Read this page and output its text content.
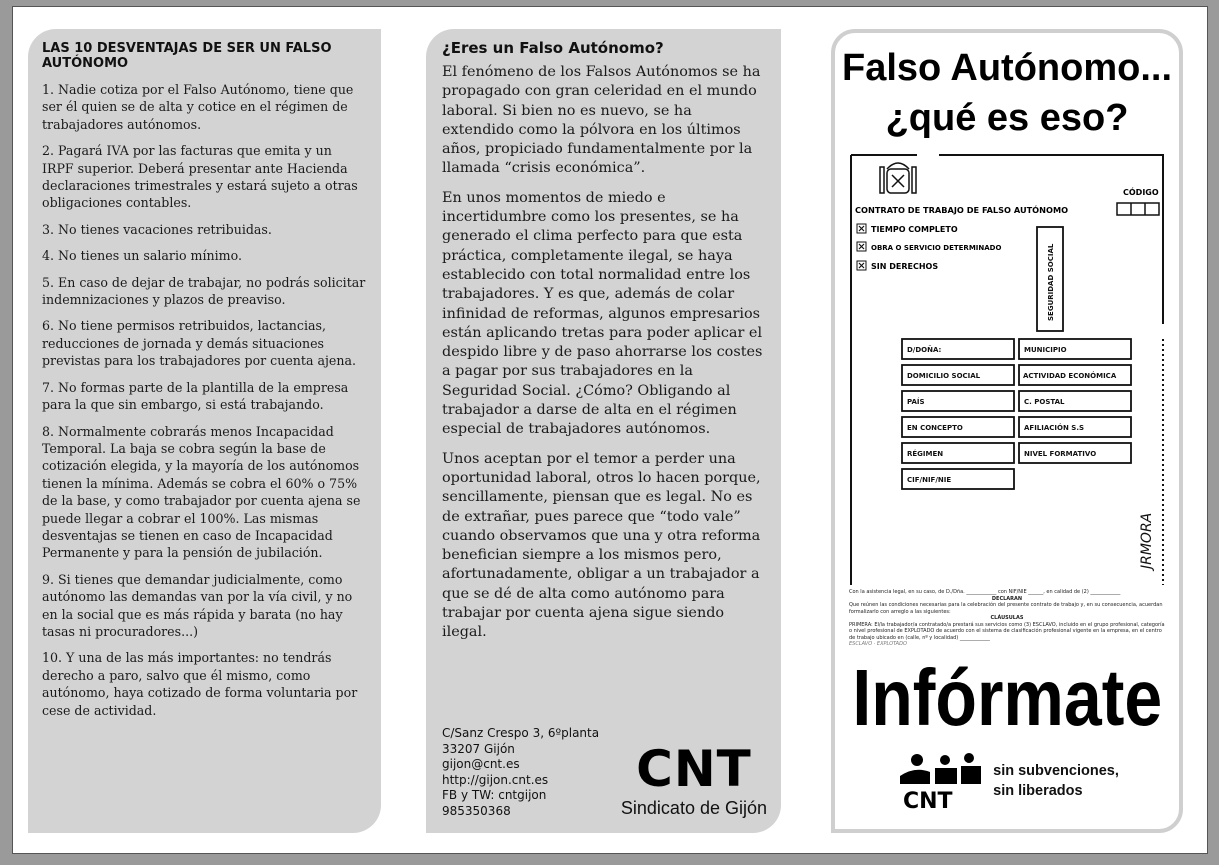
LAS 10 DESVENTAJAS DE SER UN FALSO AUTÓNOMO

1. Nadie cotiza por el Falso Autónomo, tiene que ser él quien se de alta y cotice en el régimen de trabajadores autónomos.

2. Pagará IVA por las facturas que emita y un IRPF superior. Deberá presentar ante Hacienda declaraciones trimestrales y estará sujeto a otras obligaciones contables.

3. No tienes vacaciones retribuidas.

4. No tienes un salario mínimo.

5. En caso de dejar de trabajar, no podrás solicitar indemnizaciones y plazos de preaviso.

6. No tiene permisos retribuidos, lactancias, reducciones de jornada y demás situaciones previstas para los trabajadores por cuenta ajena.

7. No formas parte de la plantilla de la empresa para la que sin embargo, si está trabajando.

8. Normalmente cobrarás menos Incapacidad Temporal. La baja se cobra según la base de cotización elegida, y la mayoría de los autónomos tienen la mínima. Además se cobra el 60% o 75% de la base, y como trabajador por cuenta ajena se puede llegar a cobrar el 100%. Las mismas desventajas se tienen en caso de Incapacidad Permanente y para la pensión de jubilación.

9. Si tienes que demandar judicialmente, como autónomo las demandas van por la vía civil, y no en la social que es más rápida y barata (no hay tasas ni procuradores...)

10. Y una de las más importantes: no tendrás derecho a paro, salvo que él mismo, como autónomo, haya cotizado de forma voluntaria por cese de actividad.

¿Eres un Falso Autónomo?

El fenómeno de los Falsos Autónomos se ha propagado con gran celeridad en el mundo laboral. Si bien no es nuevo, se ha extendido como la pólvora en los últimos años, propiciado fundamentalmente por la llamada “crisis económica”.

En unos momentos de miedo e incertidumbre como los presentes, se ha generado el clima perfecto para que esta práctica, completamente ilegal, se haya establecido con total normalidad entre los trabajadores. Y es que, además de colar infinidad de reformas, algunos empresarios están aplicando tretas para poder aplicar el despido libre y de paso ahorrarse los costes a pagar por sus trabajadores en la Seguridad Social. ¿Cómo? Obligando al trabajador a darse de alta en el régimen especial de trabajadores autónomos.

Unos aceptan por el temor a perder una oportunidad laboral, otros lo hacen porque, sencillamente, piensan que es legal. No es de extrañar, pues parece que “todo vale” cuando observamos que una y otra reforma benefician siempre a los mismos pero, afortunadamente, obligar a un trabajador a que se dé de alta como autónomo para trabajar por cuenta ajena sigue siendo ilegal.

C/Sanz Crespo 3, 6ºplanta
33207 Gijón
gijon@cnt.es
http://gijon.cnt.es
FB y TW: cntgijon
985350368
CNT
Sindicato de Gijón
Falso Autónomo...
¿qué es eso?
CÓDIGO
CONTRATO DE TRABAJO DE FALSO AUTÓNOMO
TIEMPO COMPLETO
OBRA O SERVICIO DETERMINADO
SIN DERECHOS	SEGURIDAD SOCIAL
D/DOÑA:	MUNICIPIO
DOMICILIO SOCIAL	ACTIVIDAD ECONÓMICA
PAÍS	C. POSTAL
EN CONCEPTO	AFILIACIÓN S.S
RÉGIMEN	NIVEL FORMATIVO
CIF/NIF/NIE
JRMORA
Con la asistencia legal, en su caso, de D./Dña. ____________ con NIF/NIE ______, en calidad de (2) ____________
DECLARAN
Que reúnen las condiciones necesarias para la celebración del presente contrato de trabajo y, en su consecuencia, acuerdan formalizarlo con arreglo a las siguientes:
CLÁUSULAS
PRIMERA: El/la trabajador/a contratado/a prestará sus servicios como (3) ESCLAVO, incluido en el grupo profesional, categoría o nivel profesional de EXPLOTADO de acuerdo con el sistema de clasificación profesional vigente en la empresa, en el centro de trabajo ubicado en (calle, nº y localidad) ____________
ESCLAVO · EXPLOTADO
Infórmate
CNT
sin subvenciones,
sin liberados
